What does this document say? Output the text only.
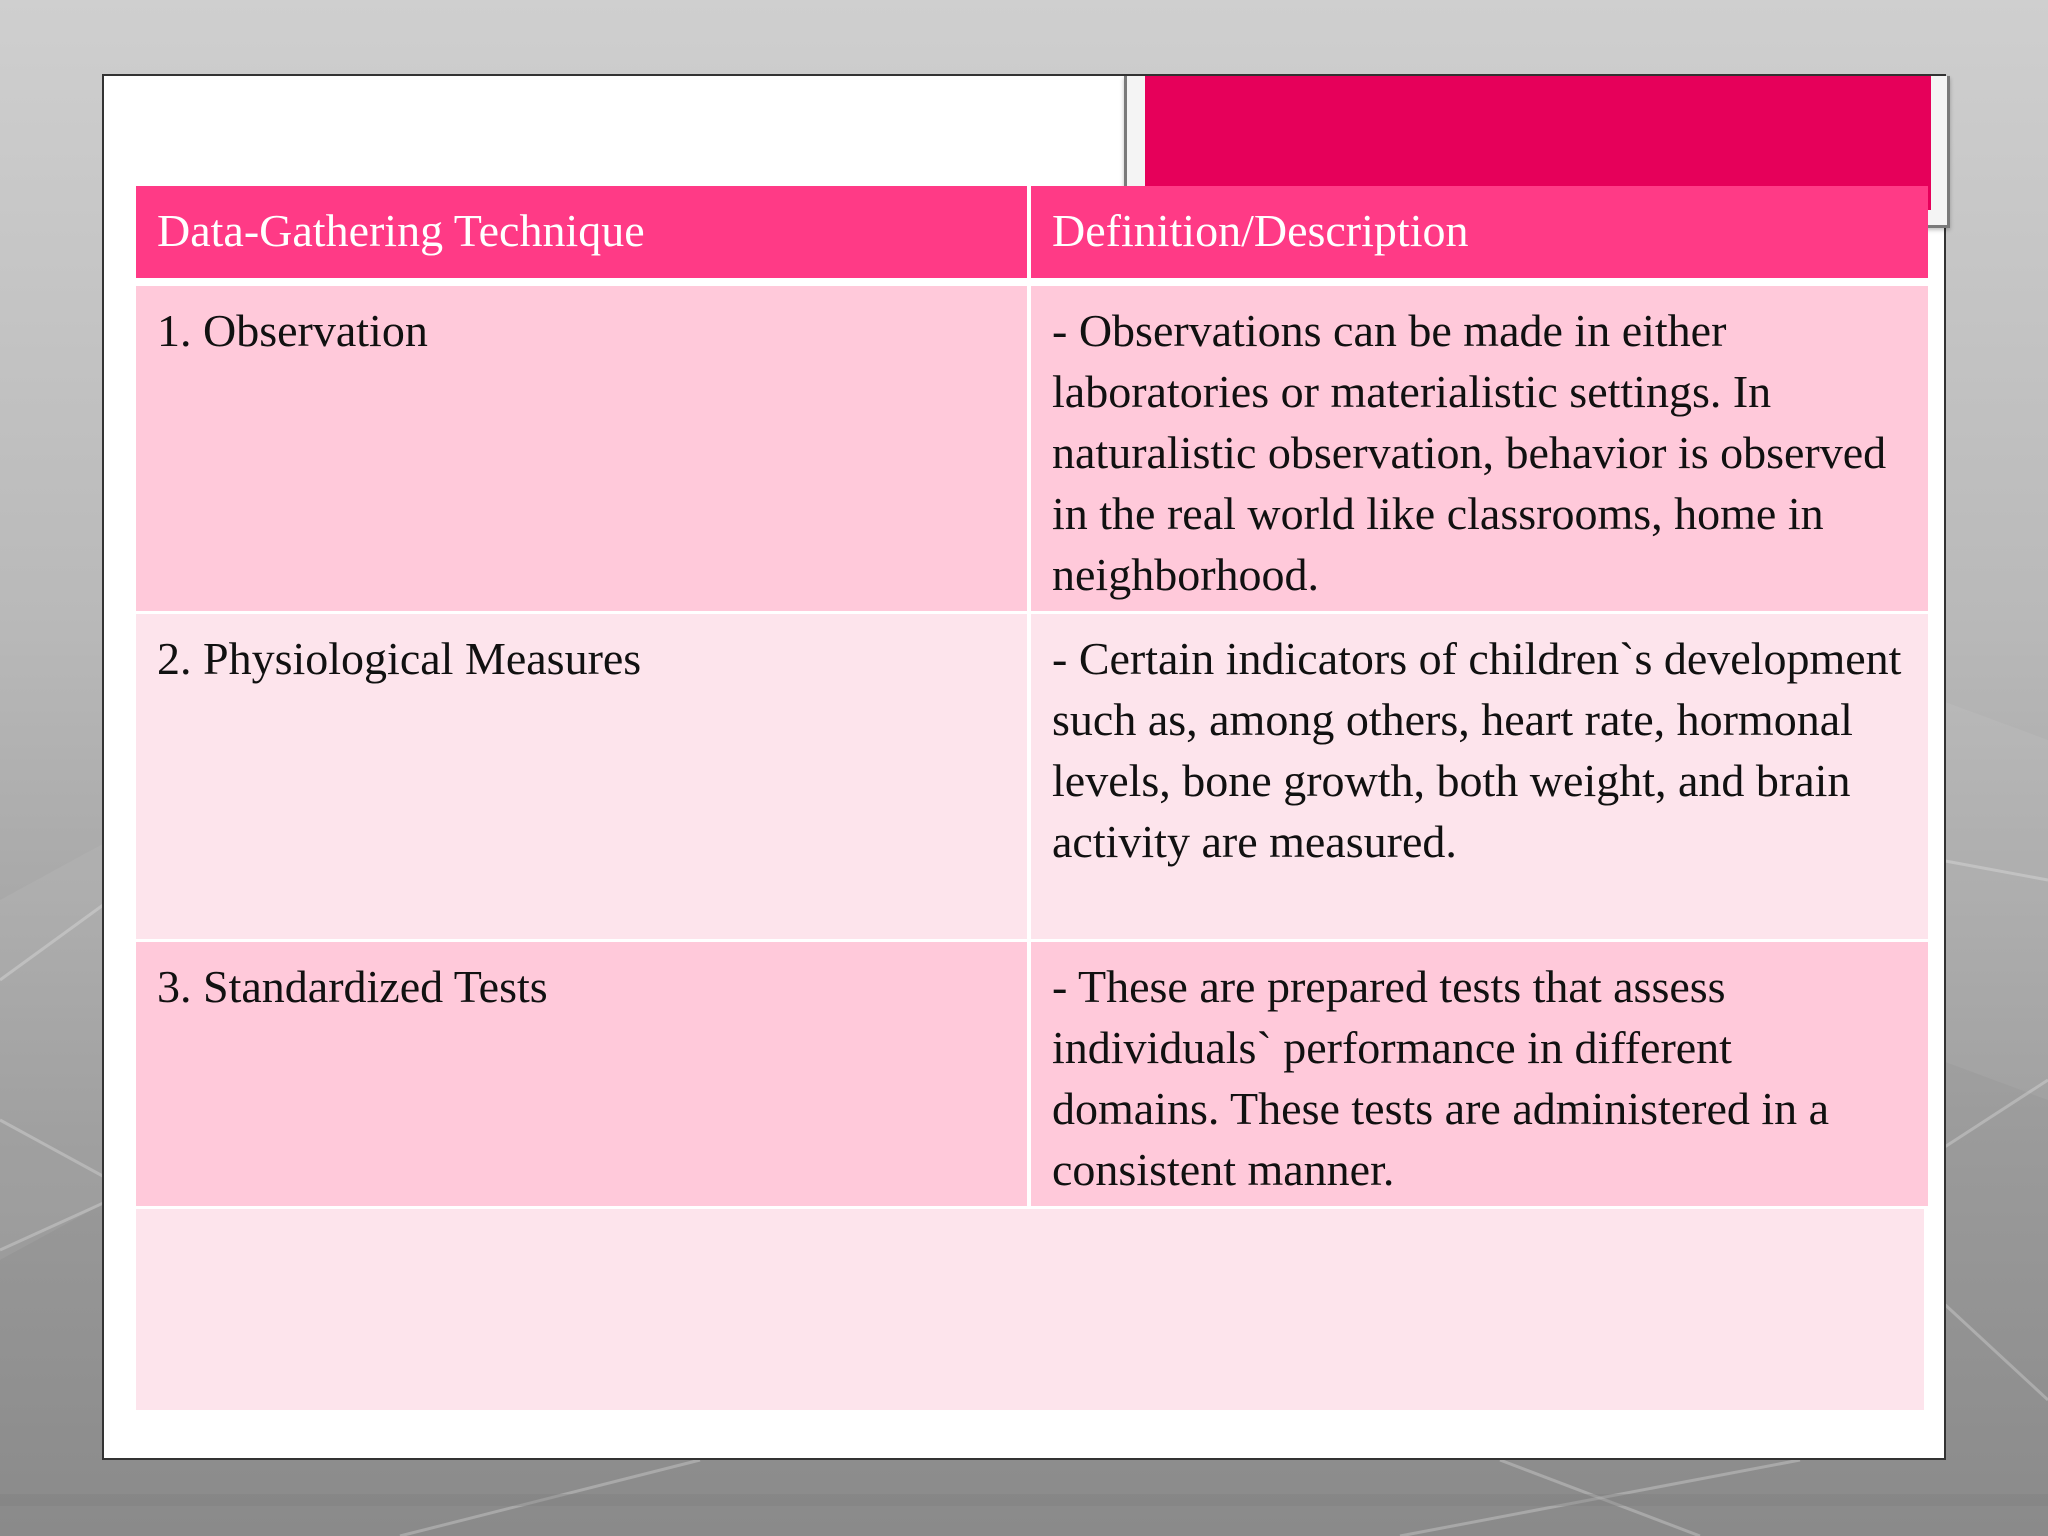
Data-Gathering Technique	Definition/Description
1. Observation	- Observations can be made in either laboratories or materialistic settings. In naturalistic observation, behavior is observed in the real world like classrooms, home in neighborhood.
2. Physiological Measures	- Certain indicators of children`s development such as, among others, heart rate, hormonal levels, bone growth, both weight, and brain activity are measured.
3. Standardized Tests	- These are prepared tests that assess individuals` performance in different domains. These tests are administered in a consistent manner.
